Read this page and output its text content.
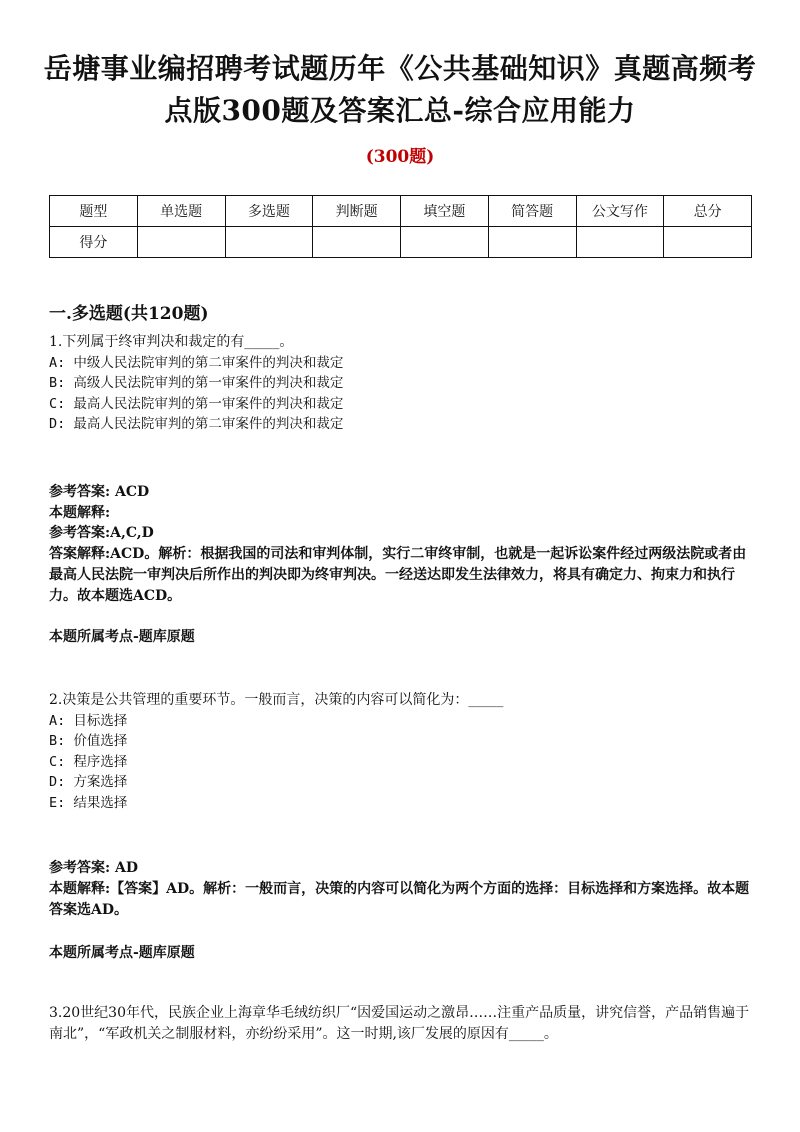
岳塘事业编招聘考试题历年《公共基础知识》真题高频考点版300题及答案汇总-综合应用能力
(300题)
题型	单选题	多选题	判断题	填空题	简答题	公文写作	总分
得分							
一.多选题(共120题)
1.下列属于终审判决和裁定的有_____。
A: 中级人民法院审判的第二审案件的判决和裁定
B: 高级人民法院审判的第一审案件的判决和裁定
C: 最高人民法院审判的第一审案件的判决和裁定
D: 最高人民法院审判的第二审案件的判决和裁定
参考答案: ACD
本题解释:
参考答案:A,C,D
答案解释:ACD。解析：根据我国的司法和审判体制，实行二审终审制，也就是一起诉讼案件经过两级法院或者由最高人民法院一审判决后所作出的判决即为终审判决。一经送达即发生法律效力，将具有确定力、拘束力和执行力。故本题选ACD。
本题所属考点-题库原题
2.决策是公共管理的重要环节。一般而言，决策的内容可以简化为：_____
A: 目标选择
B: 价值选择
C: 程序选择
D: 方案选择
E: 结果选择
参考答案: AD
本题解释:【答案】AD。解析：一般而言，决策的内容可以简化为两个方面的选择：目标选择和方案选择。故本题答案选AD。
本题所属考点-题库原题
3.20世纪30年代，民族企业上海章华毛绒纺织厂“因爱国运动之激昂……注重产品质量，讲究信誉，产品销售遍于南北”，“军政机关之制服材料，亦纷纷采用”。这一时期,该厂发展的原因有_____。
